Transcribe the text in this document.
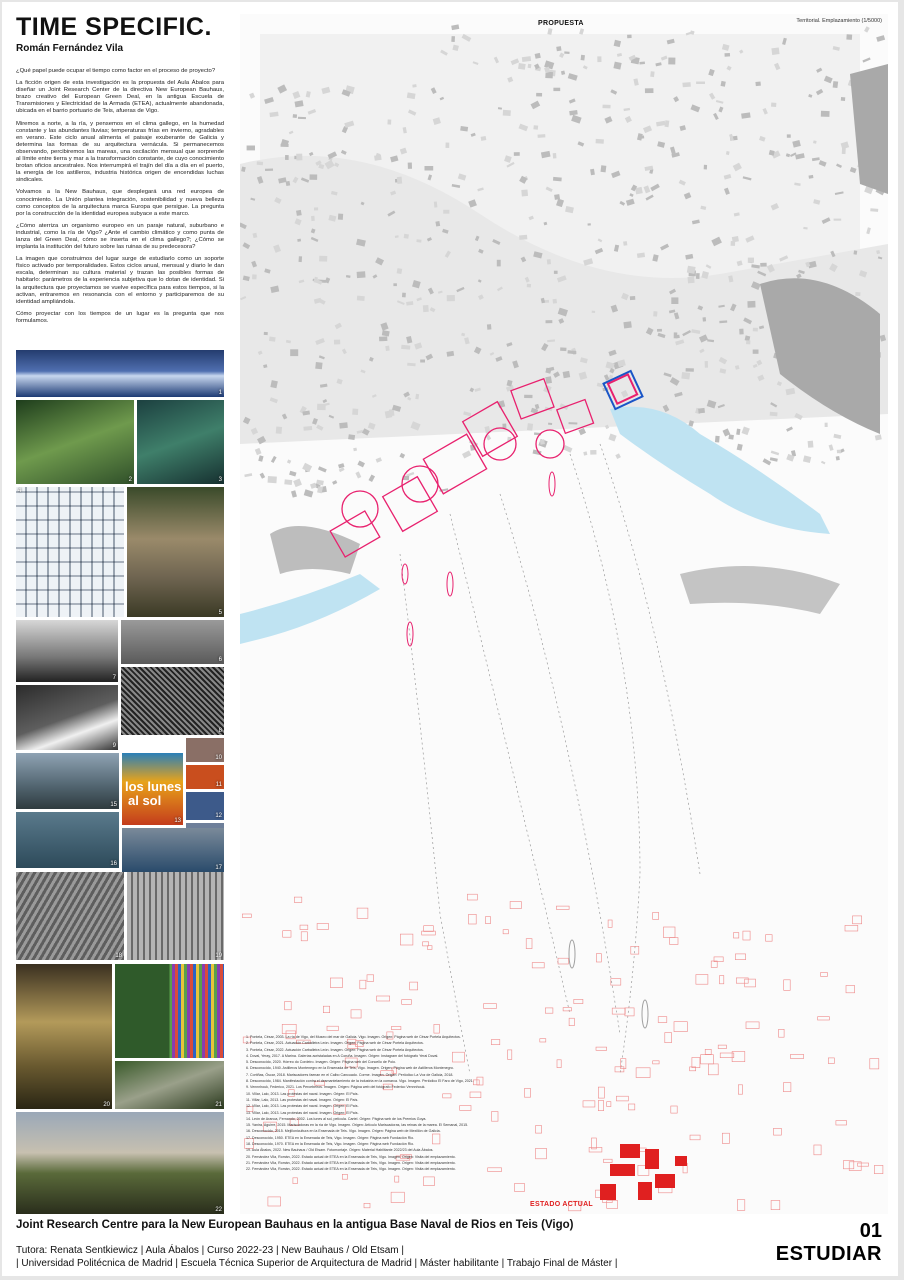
TIME SPECIFIC.
Román Fernández Vila

¿Qué papel puede ocupar el tiempo como factor en el proceso de proyecto?

La ficción origen de esta investigación es la propuesta del Aula Ábalos para diseñar un Joint Research Center de la directiva New European Bauhaus, brazo creativo del European Green Deal, en la antigua Escuela de Transmisiones y Electricidad de la Armada (ETEA), actualmente abandonada, ubicada en el barrio portuario de Teis, afueras de Vigo.

Miremos a norte, a la ría, y pensemos en el clima gallego, en la humedad constante y las abundantes lluvias; temperaturas frías en invierno, agradables en verano. Este ciclo anual alimenta el paisaje exuberante de Galicia y determina las formas de su arquitectura vernácula. Si permanecemos observando, percibiremos las mareas, una oscilación mensual que sorprende al límite entre tierra y mar a la transformación constante, de cuyo conocimiento brotan oficios ancestrales. Nos interrumpirá el trajín del día a día en el puerto, la energía de los astilleros, industria histórica origen de encendidas luchas sindicales.

Volvamos a la New Bauhaus, que desplegará una red europea de conocimiento. La Unión plantea integración, sostenibilidad y nueva belleza como conceptos de la arquitectura marca Europa que persigue. La pregunta por la construcción de la identidad europea subyace a este marco.

¿Cómo aterriza un organismo europeo en un paraje natural, suburbano e industrial, como la ría de Vigo? ¿Ante el cambio climático y como punta de lanza del Green Deal, cómo se inserta en el clima gallego?; ¿Cómo se implanta la institución del futuro sobre las ruinas de su predecesora?

La imagen que construimos del lugar surge de estudiarlo como un soporte físico activado por temporalidades. Estos ciclos anual, mensual y diario le dan escala, determinan su cultura material y trazan las posibles formas de habitarlo: parámetros de la experiencia subjetiva que lo dotan de identidad. Si la arquitectura que proyectamos se vuelve específica para estos tiempos, si la activan, entraremos en resonancia con el entorno y participaremos de su identidad ampliándola.

Cómo proyectar con los tiempos de un lugar es la pregunta que nos formulamos.

1
2	3
4
5
7
6
8
9
10
los lunes
al sol
13
11
12
15
16
17
18	19
20	21
22
PROPUESTA	Territorial. Emplazamiento (1/5000)
ESTADO ACTUAL
1. Pontela, César, 2003. La ría de Vigo, del Museo del mar de Galicia. Vigo. Imagen. Origen: Página web de César Portela Arquitectos.
2. Pontela, César, 2021. Actuación Carballeira León. Imagen. Origen: Página web de César Portela Arquitectos.
3. Pontela, César, 2022. Actuación Carballeira León. Imagen. Origen: Página web de César Portela Arquitectos.
4. Doval, Yeray, 2017. A Marina. Galerías acristaladas en A Coruña. Imagen. Origen: Instagram del fotógrafo Yerai Doval.
5. Desconocido, 2020. Hórreo do Cordeiro. Imagen. Origen: Página web del Concello de Poio.
6. Desconocido, 1940. Astilleros Montenegro en la Ensenada de Teis, Vigo. Imagen. Origen: Página web de Astilleros Montenegro.
7. Cortiñas, Óscar, 2018. Mariscadores faenan en el Calbo Cancuado. Corme. Imagen. Origen: Periódico La Voz de Galicia, 2018.
8. Desconocido, 1984. Manifestación contra el desmantelamiento de la industria en la comarca. Vigo. Imagen. Periódico El Faro de Vigo, 2021.
9. Vennnhouk, Federico, 2021. Los Percebeiros. Imagen. Origen: Página web del fotógrafo Federico Vennnhouk.
10. Villar, Lalo, 2013. Las protestas del naval. Imagen. Origen: El País.
11. Villar, Lalo, 2013. Las protestas del naval. Imagen. Origen: El País.
12. Villar, Lalo, 2013. Las protestas del naval. Imagen. Origen: El País.
13. Villar, Lalo, 2013. Las protestas del naval. Imagen. Origen: El País.
14. León de Aranoa, Fernando, 2002. Los lunes al sol, película. Cartel. Origen: Página web de los Premios Goya.
15. Yanira, Aguirre, 2015. Mariscadoras en la ría de Vigo. Imagen. Origen: Artículo Mariscadoras, las reinas de la marea. El Semanal, 2015.
16. Desconocido, 2015. Mejillonicultura en la Ensenada de Teis. Vigo. Imagen. Origen: Página web de Mexillón de Galicia.
17. Desconocido, 1950. ETEA en la Ensenada de Teis, Vigo. Imagen. Origen: Página web Fundación Rio.
18. Desconocido, 1970. ETEA en la Ensenada de Teis, Vigo. Imagen. Origen: Página web Fundación Rio.
19. Aula Ábalos, 2022. New Bauhaus / Old Etsam. Fotomontaje. Origen: Material Habilitante 2022/23 del Aula Ábalos.
20. Fernández Vila, Román, 2022. Estado actual de ETEA en la Ensenada de Teis, Vigo. Imagen. Origen: Visita del emplazamiento.
21. Fernández Vila, Román, 2022. Estado actual de ETEA en la Ensenada de Teis, Vigo. Imagen. Origen: Visita del emplazamiento.
22. Fernández Vila, Román, 2022. Estado actual de ETEA en la Ensenada de Teis, Vigo. Imagen. Origen: Visita del emplazamiento.
Joint Research Centre para la New European Bauhaus en la antigua Base Naval de Rios en Teis (Vigo)
Tutora: Renata Sentkiewicz | Aula Ábalos | Curso 2022-23 | New Bauhaus / Old Etsam |
| Universidad Politécnica de Madrid | Escuela Técnica Superior de Arquitectura de Madrid | Máster habilitante | Trabajo Final de Máster |
01
ESTUDIAR
